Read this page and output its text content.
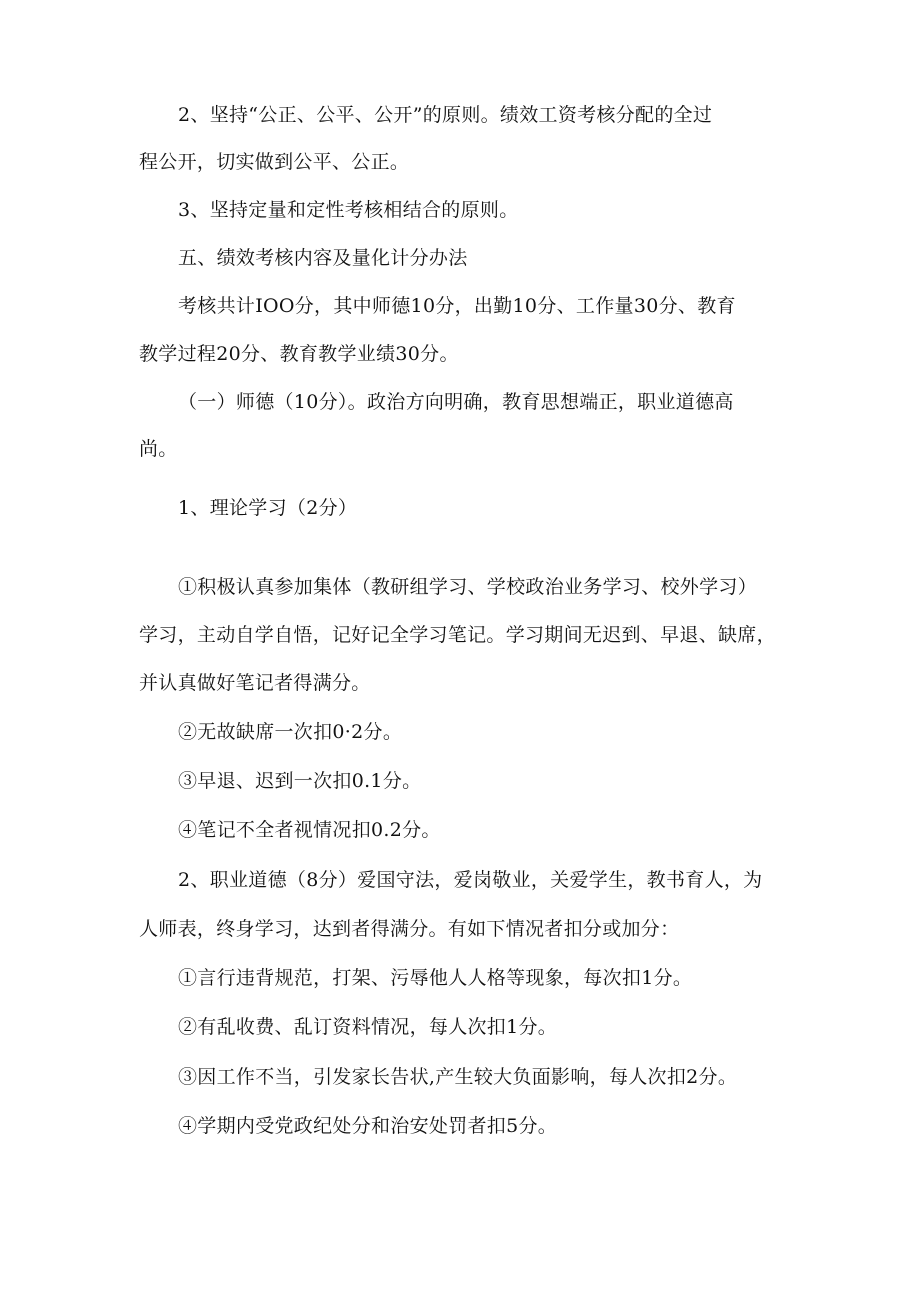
2、坚持“公正、公平、公开”的原则。绩效工资考核分配的全过
程公开，切实做到公平、公正。
3、坚持定量和定性考核相结合的原则。
五、绩效考核内容及量化计分办法
考核共计IOO分，其中师德10分，出勤10分、工作量30分、教育
教学过程20分、教育教学业绩30分。
（一）师德（10分）。政治方向明确，教育思想端正，职业道德高
尚。
1、理论学习（2分）
①积极认真参加集体（教研组学习、学校政治业务学习、校外学习）
学习，主动自学自悟，记好记全学习笔记。学习期间无迟到、早退、缺席，
并认真做好笔记者得满分。
②无故缺席一次扣0·2分。
③早退、迟到一次扣0.1分。
④笔记不全者视情况扣0.2分。
2、职业道德（8分）爱国守法，爱岗敬业，关爱学生，教书育人，为
人师表，终身学习，达到者得满分。有如下情况者扣分或加分：
①言行违背规范，打架、污辱他人人格等现象，每次扣1分。
②有乱收费、乱订资料情况，每人次扣1分。
③因工作不当，引发家长告状,产生较大负面影响，每人次扣2分。
④学期内受党政纪处分和治安处罚者扣5分。
